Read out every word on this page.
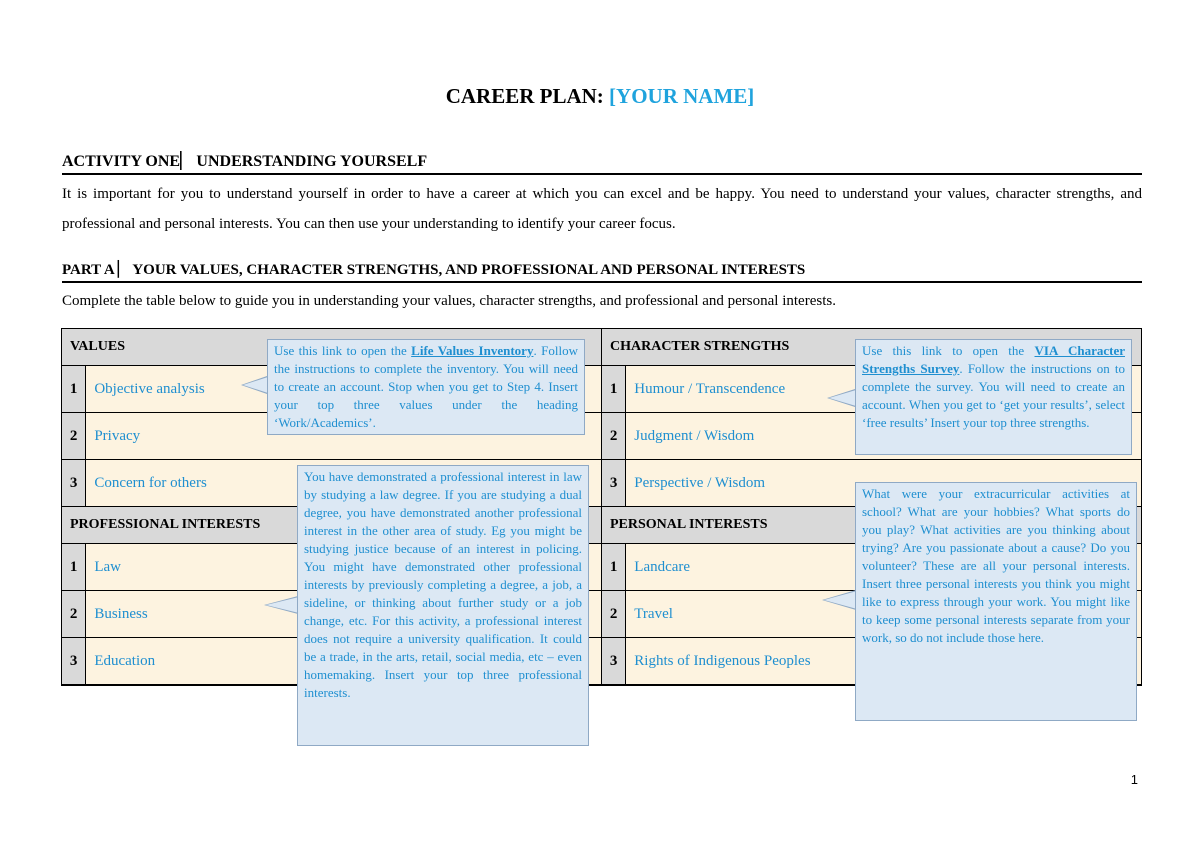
CAREER PLAN: [YOUR NAME]
ACTIVITY ONE▏ UNDERSTANDING YOURSELF
It is important for you to understand yourself in order to have a career at which you can excel and be happy. You need to understand your values, character strengths, and professional and personal interests. You can then use your understanding to identify your career focus.
PART A ▏ YOUR VALUES, CHARACTER STRENGTHS, AND PROFESSIONAL AND PERSONAL INTERESTS
Complete the table below to guide you in understanding your values, character strengths, and professional and personal interests.
VALUES		CHARACTER STRENGTHS	
1	Objective analysis	1	Humour / Transcendence
2	Privacy	2	Judgment / Wisdom
3	Concern for others	3	Perspective / Wisdom
PROFESSIONAL INTERESTS		PERSONAL INTERESTS	
1	Law	1	Landcare
2	Business	2	Travel
3	Education	3	Rights of Indigenous Peoples
Use this link to open the Life Values Inventory. Follow the instructions to complete the inventory. You will need to create an account. Stop when you get to Step 4. Insert your top three values under the heading ‘Work/Academics’.
Use this link to open the VIA Character Strengths Survey. Follow the instructions on to complete the survey. You will need to create an account. When you get to ‘get your results’, select ‘free results’ Insert your top three strengths.
You have demonstrated a professional interest in law by studying a law degree. If you are studying a dual degree, you have demonstrated another professional interest in the other area of study. Eg you might be studying justice because of an interest in policing. You might have demonstrated other professional interests by previously completing a degree, a job, a sideline, or thinking about further study or a job change, etc. For this activity, a professional interest does not require a university qualification. It could be a trade, in the arts, retail, social media, etc – even homemaking. Insert your top three professional interests.
What were your extracurricular activities at school? What are your hobbies? What sports do you play? What activities are you thinking about trying? Are you passionate about a cause? Do you volunteer? These are all your personal interests. Insert three personal interests you think you might like to express through your work. You might like to keep some personal interests separate from your work, so do not include those here.
1
